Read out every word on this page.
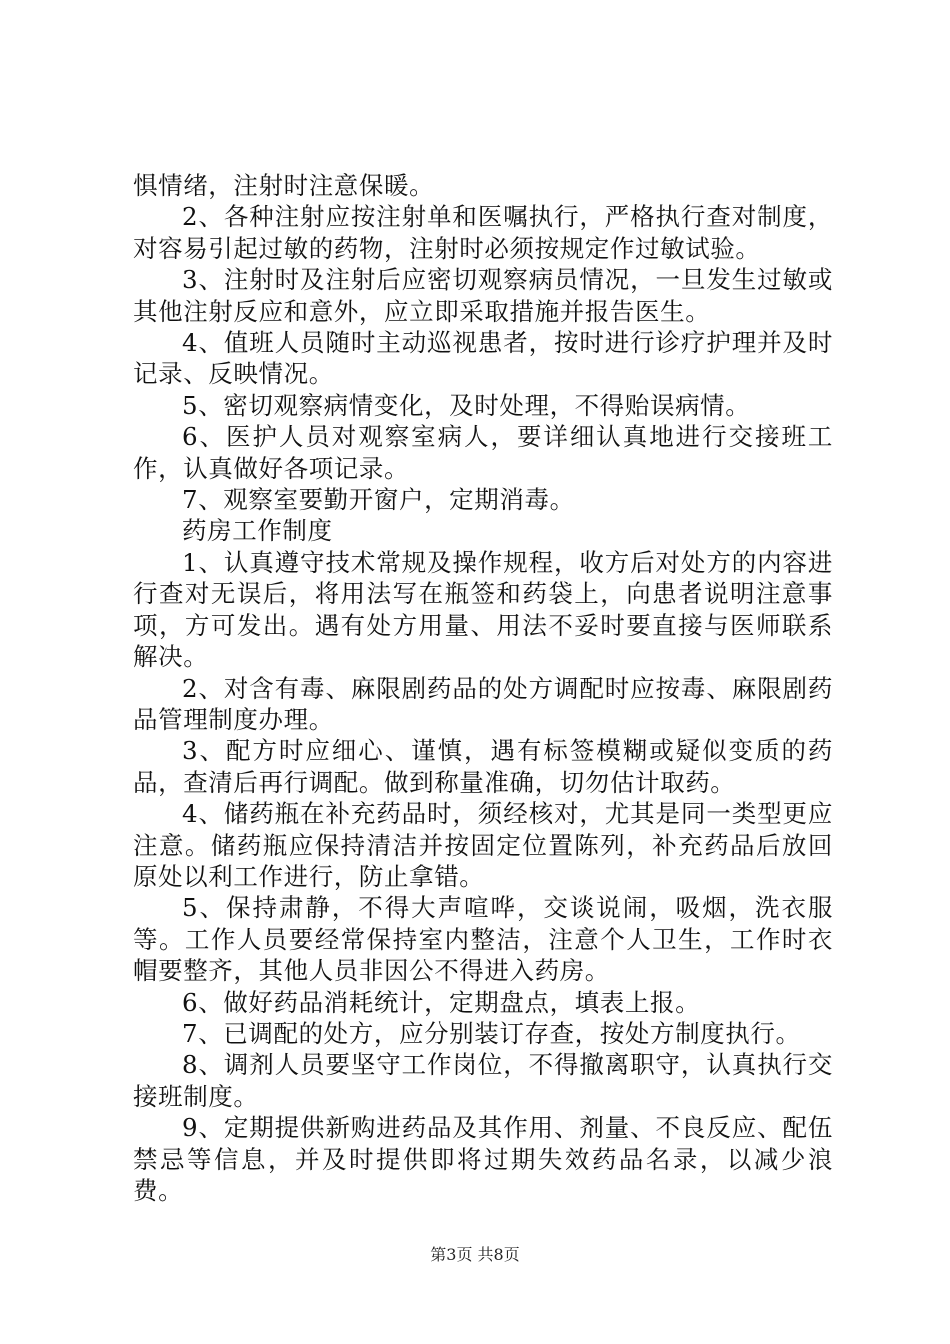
惧情绪，注射时注意保暖。

2、各种注射应按注射单和医嘱执行，严格执行查对制度，对容易引起过敏的药物，注射时必须按规定作过敏试验。

3、注射时及注射后应密切观察病员情况，一旦发生过敏或其他注射反应和意外，应立即采取措施并报告医生。

4、值班人员随时主动巡视患者，按时进行诊疗护理并及时记录、反映情况。

5、密切观察病情变化，及时处理，不得贻误病情。

6、医护人员对观察室病人，要详细认真地进行交接班工作，认真做好各项记录。

7、观察室要勤开窗户，定期消毒。

药房工作制度

1、认真遵守技术常规及操作规程，收方后对处方的内容进行查对无误后，将用法写在瓶签和药袋上，向患者说明注意事项，方可发出。遇有处方用量、用法不妥时要直接与医师联系解决。

2、对含有毒、麻限剧药品的处方调配时应按毒、麻限剧药品管理制度办理。

3、配方时应细心、谨慎，遇有标签模糊或疑似变质的药品，查清后再行调配。做到称量准确，切勿估计取药。

4、储药瓶在补充药品时，须经核对，尤其是同一类型更应注意。储药瓶应保持清洁并按固定位置陈列，补充药品后放回原处以利工作进行，防止拿错。

5、保持肃静，不得大声喧哗，交谈说闹，吸烟，洗衣服等。工作人员要经常保持室内整洁，注意个人卫生，工作时衣帽要整齐，其他人员非因公不得进入药房。

6、做好药品消耗统计，定期盘点，填表上报。

7、已调配的处方，应分别装订存查，按处方制度执行。

8、调剂人员要坚守工作岗位，不得撤离职守，认真执行交接班制度。

9、定期提供新购进药品及其作用、剂量、不良反应、配伍禁忌等信息，并及时提供即将过期失效药品名录，以减少浪费。

第3页 共8页
